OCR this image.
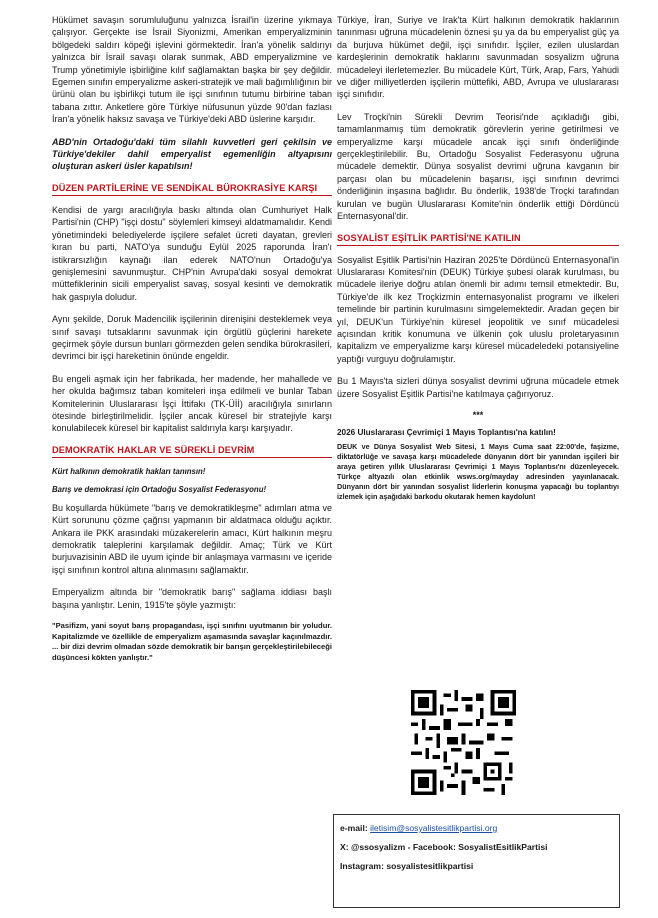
Hükümet savaşın sorumluluğunu yalnızca İsrail'in üzerine yıkmaya çalışıyor. Gerçekte ise İsrail Siyonizmi, Amerikan emperyalizminin bölgedeki saldırı köpeği işlevini görmektedir. İran'a yönelik saldırıyı yalnızca bir İsrail savaşı olarak sunmak, ABD emperyalizmine ve Trump yönetimiyle işbirliğine kılıf sağlamaktan başka bir şey değildir. Egemen sınıfın emperyalizme askeri-stratejik ve mali bağımlılığının bir ürünü olan bu işbirlikçi tutum ile işçi sınıfının tutumu birbirine taban tabana zıttır. Anketlere göre Türkiye nüfusunun yüzde 90'dan fazlası İran'a yönelik haksız savaşa ve Türkiye'deki ABD üslerine karşıdır.

ABD'nin Ortadoğu'daki tüm silahlı kuvvetleri geri çekilsin ve Türkiye'dekiler dahil emperyalist egemenliğin altyapısını oluşturan askeri üsler kapatılsın!

DÜZEN PARTİLERİNE VE SENDİKAL BÜROKRASİYE KARŞI

Kendisi de yargı aracılığıyla baskı altında olan Cumhuriyet Halk Partisi'nin (CHP) "işçi dostu" söylemleri kimseyi aldatmamalıdır. Kendi yönetimindeki belediyelerde işçilere sefalet ücreti dayatan, grevleri kıran bu parti, NATO'ya sunduğu Eylül 2025 raporunda İran'ı istikrarsızlığın kaynağı ilan ederek NATO'nun Ortadoğu'ya genişlemesini savunmuştur. CHP'nin Avrupa'daki sosyal demokrat müttefiklerinin sicili emperyalist savaş, sosyal kesinti ve demokratik hak gaspıyla doludur.

Aynı şekilde, Doruk Madencilik işçilerinin direnişini desteklemek veya sınıf savaşı tutsaklarını savunmak için örgütlü güçlerini harekete geçirmek şöyle dursun bunları görmezden gelen sendika bürokrasileri, devrimci bir işçi hareketinin önünde engeldir.

Bu engeli aşmak için her fabrikada, her madende, her mahallede ve her okulda bağımsız taban komiteleri inşa edilmeli ve bunlar Taban Komitelerinin Uluslararası İşçi İttifakı (TK-Üİİ) aracılığıyla sınırların ötesinde birleştirilmelidir. İşçiler ancak küresel bir stratejiyle karşı konulabilecek küresel bir kapitalist saldırıyla karşı karşıyadır.

DEMOKRATİK HAKLAR VE SÜREKLİ DEVRİM

Kürt halkının demokratik hakları tanınsın!

Barış ve demokrasi için Ortadoğu Sosyalist Federasyonu!

Bu koşullarda hükümete "barış ve demokratikleşme" adımları atma ve Kürt sorununu çözme çağrısı yapmanın bir aldatmaca olduğu açıktır. Ankara ile PKK arasındaki müzakerelerin amacı, Kürt halkının meşru demokratik taleplerini karşılamak değildir. Amaç; Türk ve Kürt burjuvazisinin ABD ile uyum içinde bir anlaşmaya varmasını ve içeride işçi sınıfının kontrol altına alınmasını sağlamaktır.

Emperyalizm altında bir "demokratik barış" sağlama iddiası başlı başına yanlıştır. Lenin, 1915'te şöyle yazmıştı:

"Pasifizm, yani soyut barış propagandası, işçi sınıfını uyutmanın bir yoludur. Kapitalizmde ve özellikle de emperyalizm aşamasında savaşlar kaçınılmazdır. ... bir dizi devrim olmadan sözde demokratik bir barışın gerçekleştirilebileceği düşüncesi kökten yanlıştır."

Türkiye, İran, Suriye ve Irak'ta Kürt halkının demokratik haklarının tanınması uğruna mücadelenin öznesi şu ya da bu emperyalist güç ya da burjuva hükümet değil, işçi sınıfıdır. İşçiler, ezilen uluslardan kardeşlerinin demokratik haklarını savunmadan sosyalizm uğruna mücadeleyi ilerletemezler. Bu mücadele Kürt, Türk, Arap, Fars, Yahudi ve diğer milliyetlerden işçilerin müttefiki, ABD, Avrupa ve uluslararası işçi sınıfıdır.

Lev Troçki'nin Sürekli Devrim Teorisi'nde açıkladığı gibi, tamamlanmamış tüm demokratik görevlerin yerine getirilmesi ve emperyalizme karşı mücadele ancak işçi sınıfı önderliğinde gerçekleştirilebilir. Bu, Ortadoğu Sosyalist Federasyonu uğruna mücadele demektir. Dünya sosyalist devrimi uğruna kavganın bir parçası olan bu mücadelenin başarısı, işçi sınıfının devrimci önderliğinin inşasına bağlıdır. Bu önderlik, 1938'de Troçki tarafından kurulan ve bugün Uluslararası Komite'nin önderlik ettiği Dördüncü Enternasyonal'dir.

SOSYALİST EŞİTLİK PARTİSİ'NE KATILIN

Sosyalist Eşitlik Partisi'nin Haziran 2025'te Dördüncü Enternasyonal'in Uluslararası Komitesi'nin (DEUK) Türkiye şubesi olarak kurulması, bu mücadele ileriye doğru atılan önemli bir adımı temsil etmektedir. Bu, Türkiye'de ilk kez Troçkizmin enternasyonalist programı ve ilkeleri temelinde bir partinin kurulmasını simgelemektedir. Aradan geçen bir yıl, DEUK'un Türkiye'nin küresel jeopolitik ve sınıf mücadelesi açısından kritik konumuna ve ülkenin çok uluslu proletaryasının kapitalizm ve emperyalizme karşı küresel mücadeledeki potansiyeline yaptığı vurguyu doğrulamıştır.

Bu 1 Mayıs'ta sizleri dünya sosyalist devrimi uğruna mücadele etmek üzere Sosyalist Eşitlik Partisi'ne katılmaya çağırıyoruz.

***
2026 Uluslararası Çevrimiçi 1 Mayıs Toplantısı'na katılın!
DEUK ve Dünya Sosyalist Web Sitesi, 1 Mayıs Cuma saat 22:00'de, faşizme, diktatörlüğe ve savaşa karşı mücadelede dünyanın dört bir yanından işçileri bir araya getiren yıllık Uluslararası Çevrimiçi 1 Mayıs Toplantısı'nı düzenleyecek. Türkçe altyazılı olan etkinlik wsws.org/mayday adresinden yayınlanacak. Dünyanın dört bir yanından sosyalist liderlerin konuşma yapacağı bu toplantıyı izlemek için aşağıdaki barkodu okutarak hemen kaydolun!
e-mail: iletisim@sosyalistesitlikpartisi.org
X: @ssosyalizm - Facebook: SosyalistEsitlikPartisi
Instagram: sosyalistesitlikpartisi
